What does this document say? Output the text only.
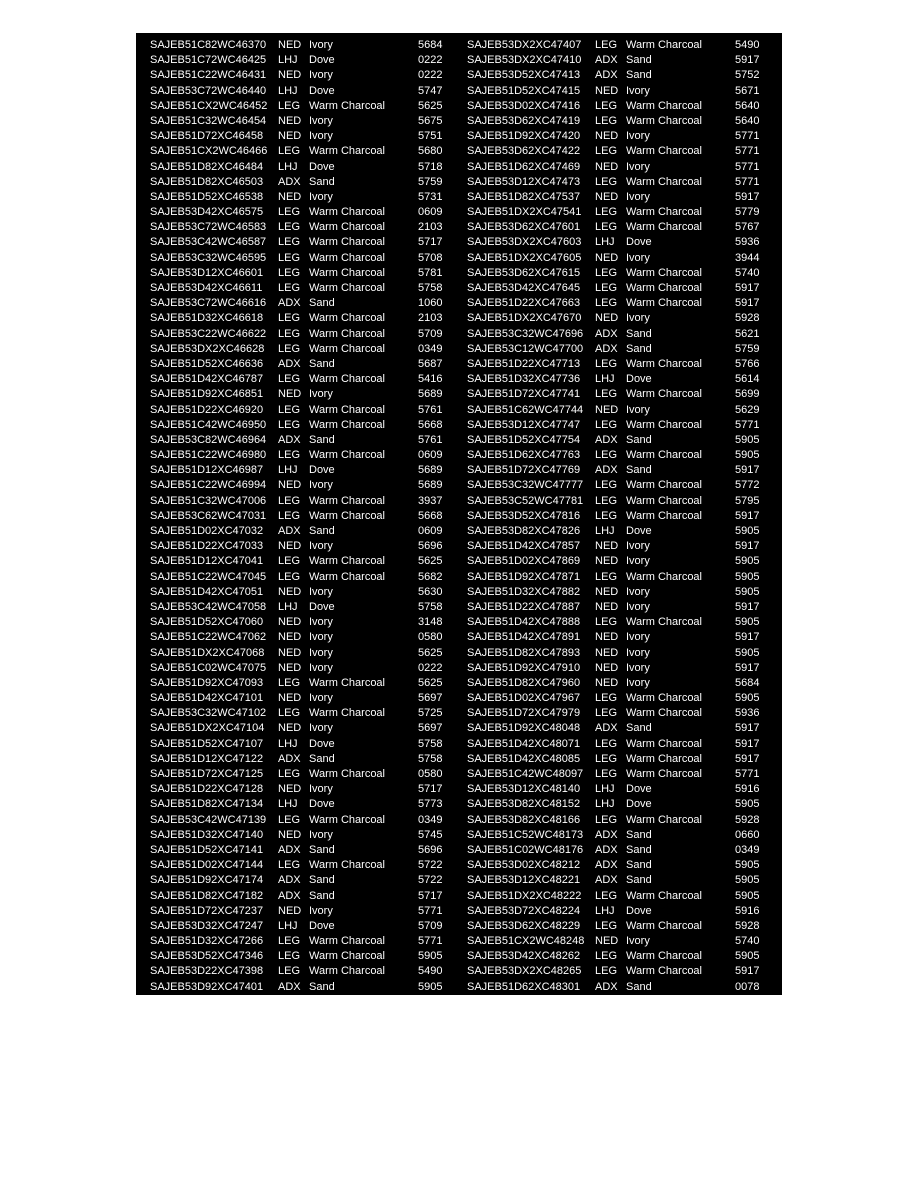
SAJEB51C82WC46370 NED Ivory	5684
SAJEB51C72WC46425 LHJ Dove	0222
SAJEB51C22WC46431 NED Ivory	0222
SAJEB53C72WC46440 LHJ Dove	5747
SAJEB51CX2WC46452 LEG Warm Charcoal	5625
SAJEB51C32WC46454 NED Ivory	5675
SAJEB51D72XC46458 NED Ivory	5751
SAJEB51CX2WC46466 LEG Warm Charcoal	5680
SAJEB51D82XC46484 LHJ Dove	5718
SAJEB51D82XC46503 ADX Sand	5759
SAJEB51D52XC46538 NED Ivory	5731
SAJEB53D42XC46575 LEG Warm Charcoal	0609
SAJEB53C72WC46583 LEG Warm Charcoal	2103
SAJEB53C42WC46587 LEG Warm Charcoal	5717
SAJEB53C32WC46595 LEG Warm Charcoal	5708
SAJEB53D12XC46601 LEG Warm Charcoal	5781
SAJEB53D42XC46611 LEG Warm Charcoal	5758
SAJEB53C72WC46616 ADX Sand	1060
SAJEB51D32XC46618 LEG Warm Charcoal	2103
SAJEB53C22WC46622 LEG Warm Charcoal	5709
SAJEB53DX2XC46628 LEG Warm Charcoal	0349
SAJEB51D52XC46636 ADX Sand	5687
SAJEB51D42XC46787 LEG Warm Charcoal	5416
SAJEB51D92XC46851 NED Ivory	5689
SAJEB51D22XC46920 LEG Warm Charcoal	5761
SAJEB51C42WC46950 LEG Warm Charcoal	5668
SAJEB53C82WC46964 ADX Sand	5761
SAJEB51C22WC46980 LEG Warm Charcoal	0609
SAJEB51D12XC46987 LHJ Dove	5689
SAJEB51C22WC46994 NED Ivory	5689
SAJEB51C32WC47006 LEG Warm Charcoal	3937
SAJEB53C62WC47031 LEG Warm Charcoal	5668
SAJEB51D02XC47032 ADX Sand	0609
SAJEB51D22XC47033 NED Ivory	5696
SAJEB51D12XC47041 LEG Warm Charcoal	5625
SAJEB51C22WC47045 LEG Warm Charcoal	5682
SAJEB51D42XC47051 NED Ivory	5630
SAJEB53C42WC47058 LHJ Dove	5758
SAJEB51D52XC47060 NED Ivory	3148
SAJEB51C22WC47062 NED Ivory	0580
SAJEB51DX2XC47068 NED Ivory	5625
SAJEB51C02WC47075 NED Ivory	0222
SAJEB51D92XC47093 LEG Warm Charcoal	5625
SAJEB51D42XC47101 NED Ivory	5697
SAJEB53C32WC47102 LEG Warm Charcoal	5725
SAJEB51DX2XC47104 NED Ivory	5697
SAJEB51D52XC47107 LHJ Dove	5758
SAJEB51D12XC47122 ADX Sand	5758
SAJEB51D72XC47125 LEG Warm Charcoal	0580
SAJEB51D22XC47128 NED Ivory	5717
SAJEB51D82XC47134 LHJ Dove	5773
SAJEB53C42WC47139 LEG Warm Charcoal	0349
SAJEB51D32XC47140 NED Ivory	5745
SAJEB51D52XC47141 ADX Sand	5696
SAJEB51D02XC47144 LEG Warm Charcoal	5722
SAJEB51D92XC47174 ADX Sand	5722
SAJEB51D82XC47182 ADX Sand	5717
SAJEB51D72XC47237 NED Ivory	5771
SAJEB53D32XC47247 LHJ Dove	5709
SAJEB51D32XC47266 LEG Warm Charcoal	5771
SAJEB53D52XC47346 LEG Warm Charcoal	5905
SAJEB53D22XC47398 LEG Warm Charcoal	5490
SAJEB53D92XC47401 ADX Sand	5905
SAJEB53DX2XC47407 LEG Warm Charcoal	5490
SAJEB53DX2XC47410 ADX Sand	5917
SAJEB53D52XC47413 ADX Sand	5752
SAJEB51D52XC47415 NED Ivory	5671
SAJEB53D02XC47416 LEG Warm Charcoal	5640
SAJEB53D62XC47419 LEG Warm Charcoal	5640
SAJEB51D92XC47420 NED Ivory	5771
SAJEB53D62XC47422 LEG Warm Charcoal	5771
SAJEB51D62XC47469 NED Ivory	5771
SAJEB53D12XC47473 LEG Warm Charcoal	5771
SAJEB51D82XC47537 NED Ivory	5917
SAJEB51DX2XC47541 LEG Warm Charcoal	5779
SAJEB53D62XC47601 LEG Warm Charcoal	5767
SAJEB53DX2XC47603 LHJ Dove	5936
SAJEB51DX2XC47605 NED Ivory	3944
SAJEB53D62XC47615 LEG Warm Charcoal	5740
SAJEB53D42XC47645 LEG Warm Charcoal	5917
SAJEB51D22XC47663 LEG Warm Charcoal	5917
SAJEB51DX2XC47670 NED Ivory	5928
SAJEB53C32WC47696 ADX Sand	5621
SAJEB53C12WC47700 ADX Sand	5759
SAJEB51D22XC47713 LEG Warm Charcoal	5766
SAJEB51D32XC47736 LHJ Dove	5614
SAJEB51D72XC47741 LEG Warm Charcoal	5699
SAJEB51C62WC47744 NED Ivory	5629
SAJEB53D12XC47747 LEG Warm Charcoal	5771
SAJEB51D52XC47754 ADX Sand	5905
SAJEB51D62XC47763 LEG Warm Charcoal	5905
SAJEB51D72XC47769 ADX Sand	5917
SAJEB53C32WC47777 LEG Warm Charcoal	5772
SAJEB53C52WC47781 LEG Warm Charcoal	5795
SAJEB53D52XC47816 LEG Warm Charcoal	5917
SAJEB53D82XC47826 LHJ Dove	5905
SAJEB51D42XC47857 NED Ivory	5917
SAJEB51D02XC47869 NED Ivory	5905
SAJEB51D92XC47871 LEG Warm Charcoal	5905
SAJEB51D32XC47882 NED Ivory	5905
SAJEB51D22XC47887 NED Ivory	5917
SAJEB51D42XC47888 LEG Warm Charcoal	5905
SAJEB51D42XC47891 NED Ivory	5917
SAJEB51D82XC47893 NED Ivory	5905
SAJEB51D92XC47910 NED Ivory	5917
SAJEB51D82XC47960 NED Ivory	5684
SAJEB51D02XC47967 LEG Warm Charcoal	5905
SAJEB51D72XC47979 LEG Warm Charcoal	5936
SAJEB51D92XC48048 ADX Sand	5917
SAJEB51D42XC48071 LEG Warm Charcoal	5917
SAJEB51D42XC48085 LEG Warm Charcoal	5917
SAJEB51C42WC48097 LEG Warm Charcoal	5771
SAJEB53D12XC48140 LHJ Dove	5916
SAJEB53D82XC48152 LHJ Dove	5905
SAJEB53D82XC48166 LEG Warm Charcoal	5928
SAJEB51C52WC48173 ADX Sand	0660
SAJEB51C02WC48176 ADX Sand	0349
SAJEB53D02XC48212 ADX Sand	5905
SAJEB53D12XC48221 ADX Sand	5905
SAJEB51DX2XC48222 LEG Warm Charcoal	5905
SAJEB53D72XC48224 LHJ Dove	5916
SAJEB53D62XC48229 LEG Warm Charcoal	5928
SAJEB51CX2WC48248 NED Ivory	5740
SAJEB53D42XC48262 LEG Warm Charcoal	5905
SAJEB53DX2XC48265 LEG Warm Charcoal	5917
SAJEB51D62XC48301 ADX Sand	0078
